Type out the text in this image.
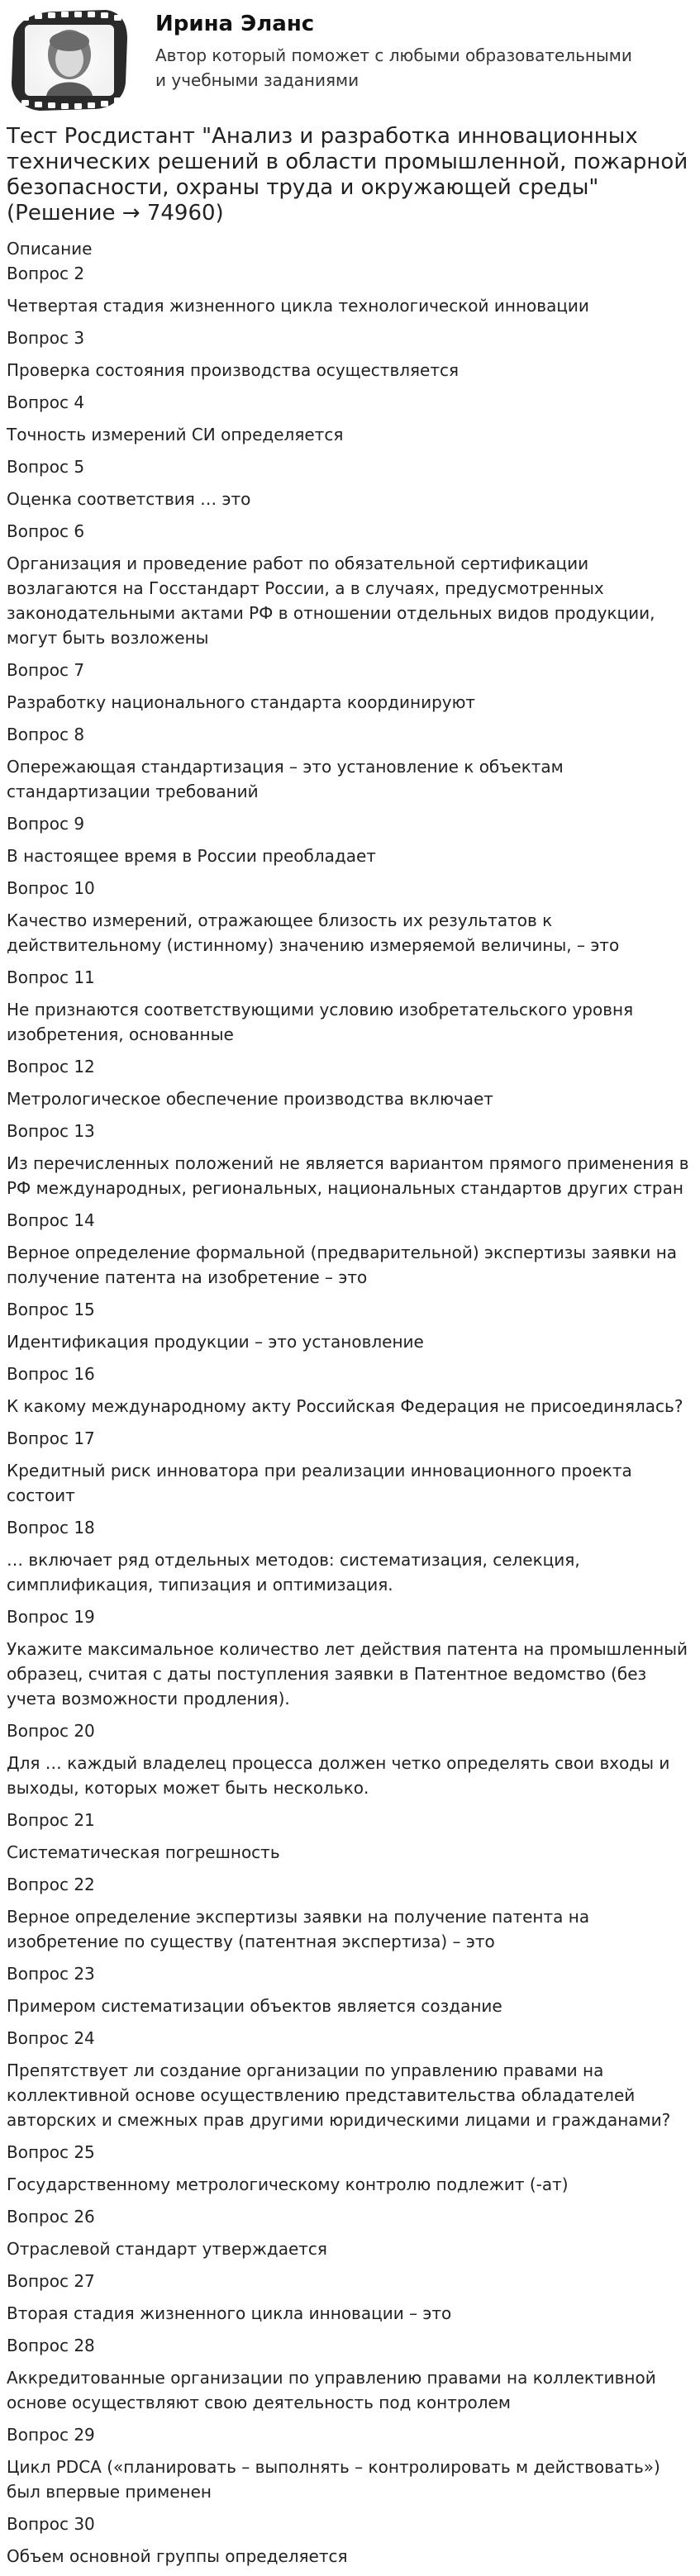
Ирина Эланс
Автор который поможет с любыми образовательными и учебными заданиями
Тест Росдистант "Анализ и разработка инновационных технических решений в области промышленной, пожарной безопасности, охраны труда и окружающей среды" (Решение → 74960)
Описание
Вопрос 2
Четвертая стадия жизненного цикла технологической инновации
Вопрос 3
Проверка состояния производства осуществляется
Вопрос 4
Точность измерений СИ определяется
Вопрос 5
Оценка соответствия … это
Вопрос 6
Организация и проведение работ по обязательной сертификации возлагаются на Госстандарт России, а в случаях, предусмотренных законодательными актами РФ в отношении отдельных видов продукции, могут быть возложены
Вопрос 7
Разработку национального стандарта координируют
Вопрос 8
Опережающая стандартизация – это установление к объектам стандартизации требований
Вопрос 9
В настоящее время в России преобладает
Вопрос 10
Качество измерений, отражающее близость их результатов к действительному (истинному) значению измеряемой величины, – это
Вопрос 11
Не признаются соответствующими условию изобретательского уровня изобретения, основанные
Вопрос 12
Метрологическое обеспечение производства включает
Вопрос 13
Из перечисленных положений не является вариантом прямого применения в РФ международных, региональных, национальных стандартов других стран
Вопрос 14
Верное определение формальной (предварительной) экспертизы заявки на получение патента на изобретение – это
Вопрос 15
Идентификация продукции – это установление
Вопрос 16
К какому международному акту Российская Федерация не присоединялась?
Вопрос 17
Кредитный риск инноватора при реализации инновационного проекта состоит
Вопрос 18
… включает ряд отдельных методов: систематизация, селекция, симплификация, типизация и оптимизация.
Вопрос 19
Укажите максимальное количество лет действия патента на промышленный образец, считая с даты поступления заявки в Патентное ведомство (без учета возможности продления).
Вопрос 20
Для … каждый владелец процесса должен четко определять свои входы и выходы, которых может быть несколько.
Вопрос 21
Систематическая погрешность
Вопрос 22
Верное определение экспертизы заявки на получение патента на изобретение по существу (патентная экспертиза) – это
Вопрос 23
Примером систематизации объектов является создание
Вопрос 24
Препятствует ли создание организации по управлению правами на коллективной основе осуществлению представительства обладателей авторских и смежных прав другими юридическими лицами и гражданами?
Вопрос 25
Государственному метрологическому контролю подлежит (-ат)
Вопрос 26
Отраслевой стандарт утверждается
Вопрос 27
Вторая стадия жизненного цикла инновации – это
Вопрос 28
Аккредитованные организации по управлению правами на коллективной основе осуществляют свою деятельность под контролем
Вопрос 29
Цикл PDCA («планировать – выполнять – контролировать м действовать») был впервые применен
Вопрос 30
Объем основной группы определяется
